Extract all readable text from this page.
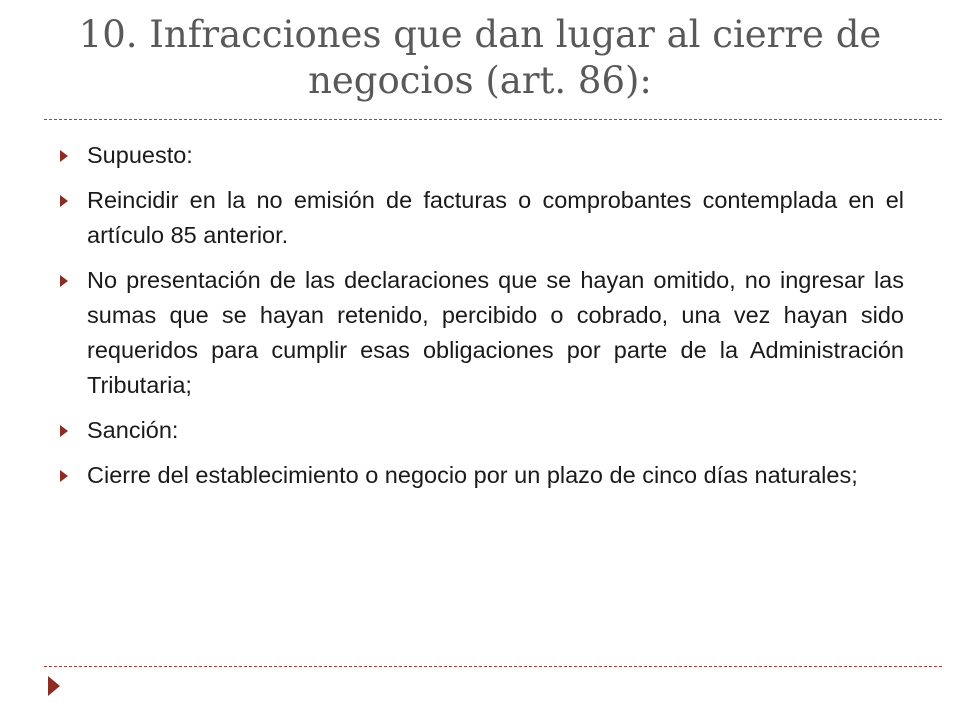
10. Infracciones que dan lugar al cierre de negocios (art. 86):
Supuesto:
Reincidir en la no emisión de facturas o comprobantes contemplada en el artículo 85 anterior.
No presentación de las declaraciones que se hayan omitido, no ingresar las sumas que se hayan retenido, percibido o cobrado, una vez hayan sido requeridos para cumplir esas obligaciones por parte de la Administración Tributaria;
Sanción:
Cierre del establecimiento o negocio por un plazo de cinco días naturales;
